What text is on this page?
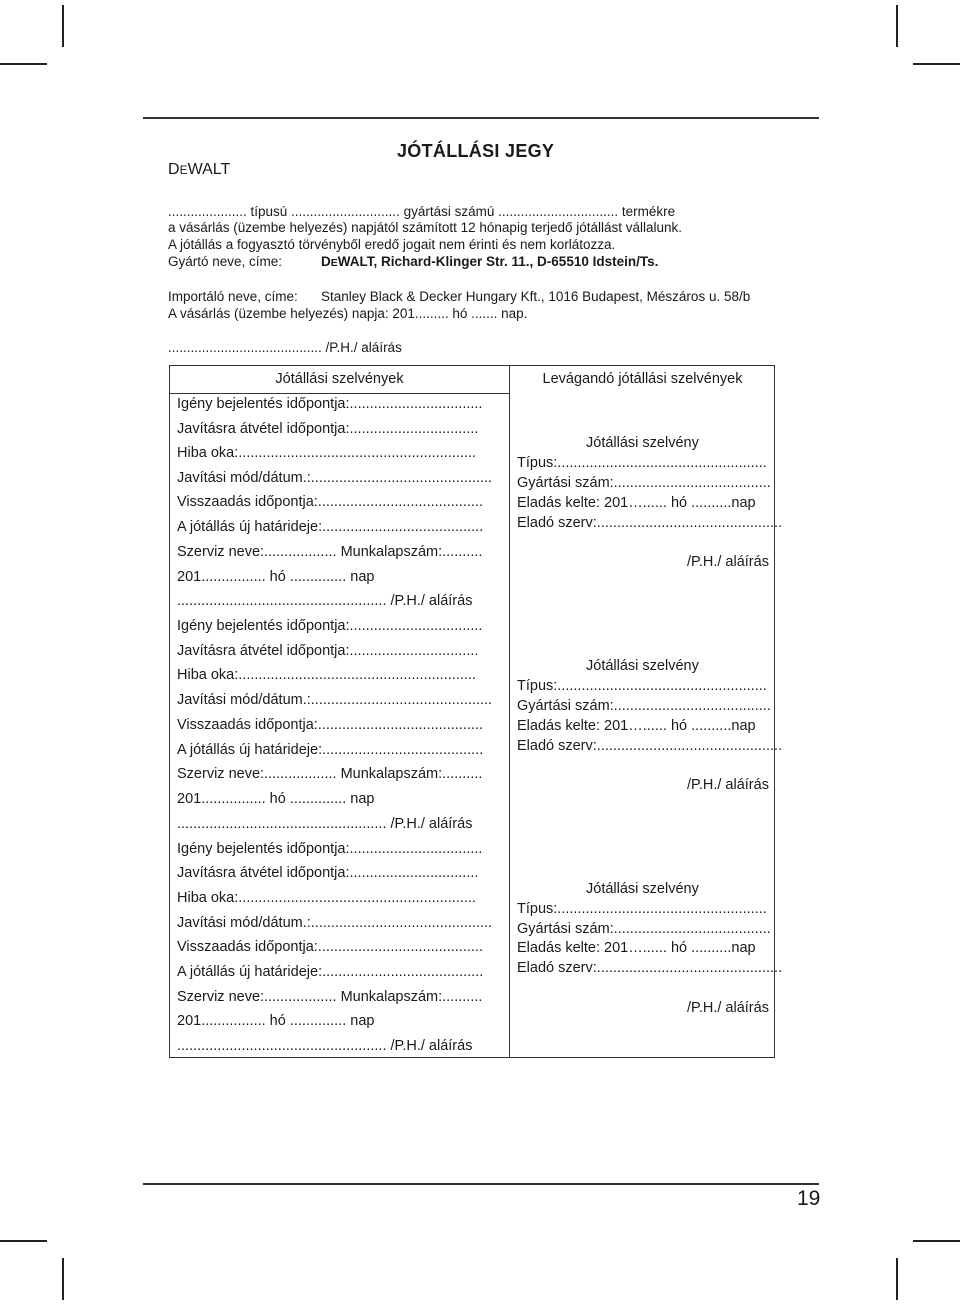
DEWALT
JÓTÁLLÁSI JEGY
..................... típusú ............................. gyártási számú ................................ termékre
a vásárlás (üzembe helyezés) napjától számított 12 hónapig terjedő jótállást vállalunk.
A jótállás a fogyasztó törvényből eredő jogait nem érinti és nem korlátozza.
Gyártó neve, címe:	DEWALT, Richard-Klinger Str. 11., D-65510 Idstein/Ts.
Importáló neve, címe: Stanley Black & Decker Hungary Kft., 1016 Budapest, Mészáros u. 58/b
A vásárlás (üzembe helyezés) napja: 201......... hó ....... nap.
......................................... /P.H./ aláírás
Jótállási szelvények	Levágandó jótállási szelvények
Igény bejelentés időpontja:.................................
Javításra átvétel időpontja:................................
Hiba oka:...........................................................
Javítási mód/dátum.:.............................................
Visszaadás időpontja:.........................................
A jótállás új határideje:........................................
Szerviz neve:.................. Munkalapszám:..........
201................ hó .............. nap
.................................................... /P.H./ aláírás
Igény bejelentés időpontja:.................................
Javításra átvétel időpontja:................................
Hiba oka:...........................................................
Javítási mód/dátum.:.............................................
Visszaadás időpontja:.........................................
A jótállás új határideje:........................................
Szerviz neve:.................. Munkalapszám:..........
201................ hó .............. nap
.................................................... /P.H./ aláírás
Igény bejelentés időpontja:.................................
Javításra átvétel időpontja:................................
Hiba oka:...........................................................
Javítási mód/dátum.:.............................................
Visszaadás időpontja:.........................................
A jótállás új határideje:........................................
Szerviz neve:.................. Munkalapszám:..........
201................ hó .............. nap
.................................................... /P.H./ aláírás
Jótállási szelvény
Típus:....................................................
Gyártási szám:.......................................
Eladás kelte: 201…...... hó ..........nap
Eladó szerv:..............................................
/P.H./ aláírás
Jótállási szelvény
Típus:....................................................
Gyártási szám:.......................................
Eladás kelte: 201…...... hó ..........nap
Eladó szerv:..............................................
/P.H./ aláírás
Jótállási szelvény
Típus:....................................................
Gyártási szám:.......................................
Eladás kelte: 201…...... hó ..........nap
Eladó szerv:..............................................
/P.H./ aláírás
19
